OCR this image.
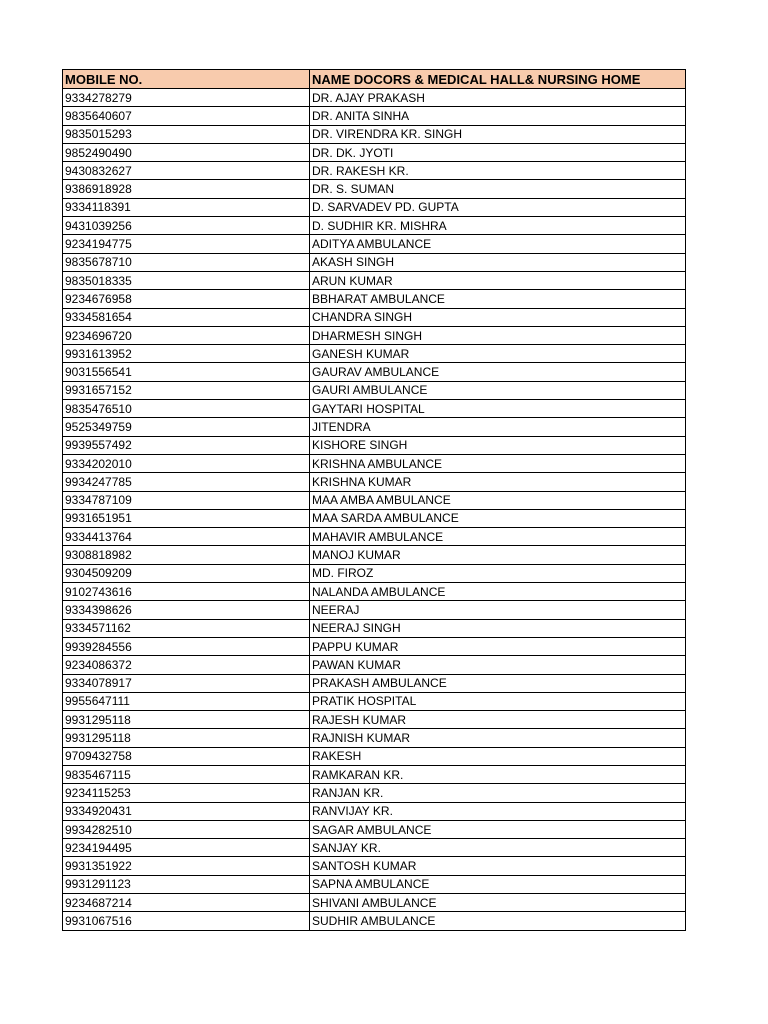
MOBILE NO.	NAME DOCORS & MEDICAL HALL& NURSING HOME
9334278279	DR. AJAY PRAKASH
9835640607	DR. ANITA SINHA
9835015293	DR. VIRENDRA KR. SINGH
9852490490	DR. DK. JYOTI
9430832627	DR. RAKESH KR.
9386918928	DR. S. SUMAN
9334118391	D. SARVADEV PD. GUPTA
9431039256	D. SUDHIR KR. MISHRA
9234194775	ADITYA AMBULANCE
9835678710	AKASH SINGH
9835018335	ARUN KUMAR
9234676958	BBHARAT AMBULANCE
9334581654	CHANDRA SINGH
9234696720	DHARMESH SINGH
9931613952	GANESH KUMAR
9031556541	GAURAV AMBULANCE
9931657152	GAURI AMBULANCE
9835476510	GAYTARI HOSPITAL
9525349759	JITENDRA
9939557492	KISHORE SINGH
9334202010	KRISHNA AMBULANCE
9934247785	KRISHNA KUMAR
9334787109	MAA AMBA AMBULANCE
9931651951	MAA SARDA AMBULANCE
9334413764	MAHAVIR AMBULANCE
9308818982	MANOJ KUMAR
9304509209	MD. FIROZ
9102743616	NALANDA AMBULANCE
9334398626	NEERAJ
9334571162	NEERAJ SINGH
9939284556	PAPPU KUMAR
9234086372	PAWAN KUMAR
9334078917	PRAKASH AMBULANCE
9955647111	PRATIK HOSPITAL
9931295118	RAJESH KUMAR
9931295118	RAJNISH KUMAR
9709432758	RAKESH
9835467115	RAMKARAN KR.
9234115253	RANJAN KR.
9334920431	RANVIJAY KR.
9934282510	SAGAR AMBULANCE
9234194495	SANJAY KR.
9931351922	SANTOSH KUMAR
9931291123	SAPNA AMBULANCE
9234687214	SHIVANI AMBULANCE
9931067516	SUDHIR AMBULANCE
